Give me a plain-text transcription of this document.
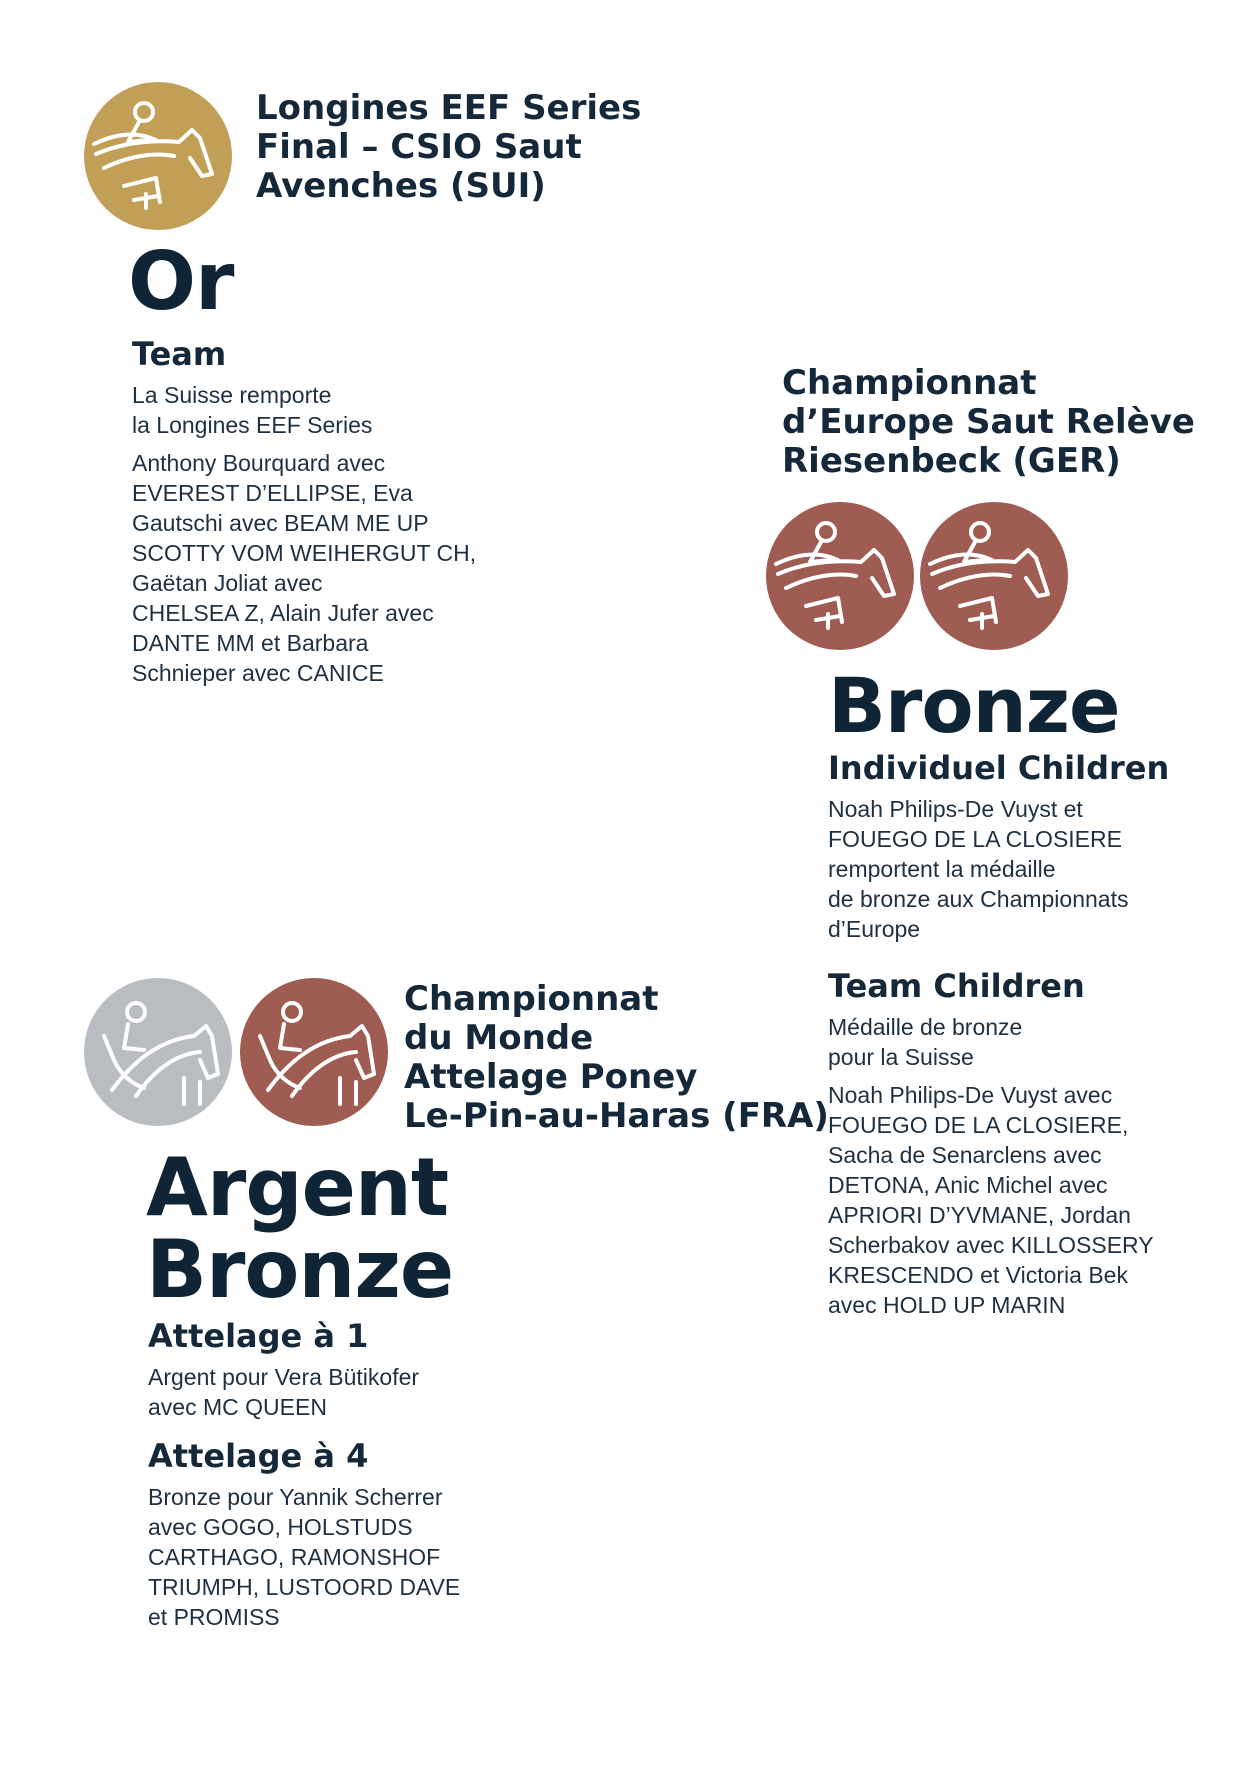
Longines EEF Series

Final – CSIO Saut

Avenches (SUI)

Or

Team

La Suisse remporte
la Longines EEF Series

Anthony Bourquard avec
EVEREST D’ELLIPSE, Eva
Gautschi avec BEAM ME UP
SCOTTY VOM WEIHERGUT CH,
Gaëtan Joliat avec
CHELSEA Z, Alain Jufer avec
DANTE MM et Barbara
Schnieper avec CANICE

Championnat

d’Europe Saut Relève

Riesenbeck (GER)

Bronze

Individuel Children

Noah Philips-De Vuyst et
FOUEGO DE LA CLOSIERE
remportent la médaille
de bronze aux Championnats
d’Europe

Team Children

Médaille de bronze
pour la Suisse

Noah Philips-De Vuyst avec
FOUEGO DE LA CLOSIERE,
Sacha de Senarclens avec
DETONA, Anic Michel avec
APRIORI D’YVMANE, Jordan
Scherbakov avec KILLOSSERY
KRESCENDO et Victoria Bek
avec HOLD UP MARIN

Championnat

du Monde

Attelage Poney

Le-Pin-au-Haras (FRA)

Argent

Bronze

Attelage à 1

Argent pour Vera Bütikofer
avec MC QUEEN

Attelage à 4

Bronze pour Yannik Scherrer
avec GOGO, HOLSTUDS
CARTHAGO, RAMONSHOF
TRIUMPH, LUSTOORD DAVE
et PROMISS
